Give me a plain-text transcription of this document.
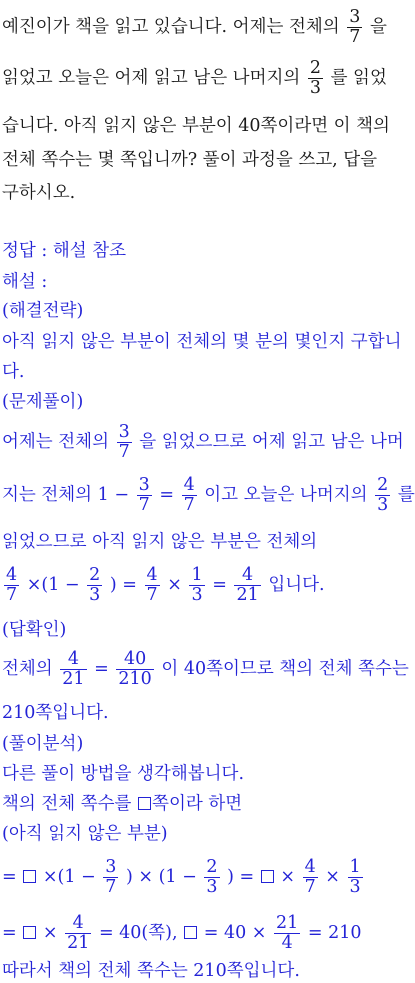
예진이가 책을 읽고 있습니다. 어제는 전체의 $\frac{3}{7}$ 을
읽었고 오늘은 어제 읽고 남은 나머지의 $\frac{2}{3}$ 를 읽었
습니다. 아직 읽지 않은 부분이 40쪽이라면 이 책의
전체 쪽수는 몇 쪽입니까? 풀이 과정을 쓰고, 답을
구하시오.
정답 : 해설 참조
해설 :
(해결전략)
아직 읽지 않은 부분이 전체의 몇 분의 몇인지 구합니
다.
(문제풀이)
어제는 전체의 $\frac{3}{7}$ 을 읽었으므로 어제 읽고 남은 나머
지는 전체의 $1 - \frac{3}{7} = \frac{4}{7}$ 이고 오늘은 나머지의 $\frac{2}{3}$ 를
읽었으므로 아직 읽지 않은 부분은 전체의
$\frac{4}{7} \times(1 - \frac{2}{3}$ ) = $\frac{4}{7} \times \frac{1}{3} = \frac{4}{21}$ 입니다.
(답확인)
전체의 $\frac{4}{21} = \frac{40}{210}$ 이 40쪽이므로 책의 전체 쪽수는
210쪽입니다.
(풀이분석)
다른 풀이 방법을 생각해봅니다.
책의 전체 쪽수를 쪽이라 하면
(아직 읽지 않은 부분)
= $\times(1 - \frac{3}{7}$ ) × ($1 - \frac{2}{3}$ ) = × $\frac{4}{7} \times \frac{1}{3}$
= × $\frac{4}{21} = 40$(쪽), = $40 \times \frac{21}{4} = 210$
따라서 책의 전체 쪽수는 210쪽입니다.
